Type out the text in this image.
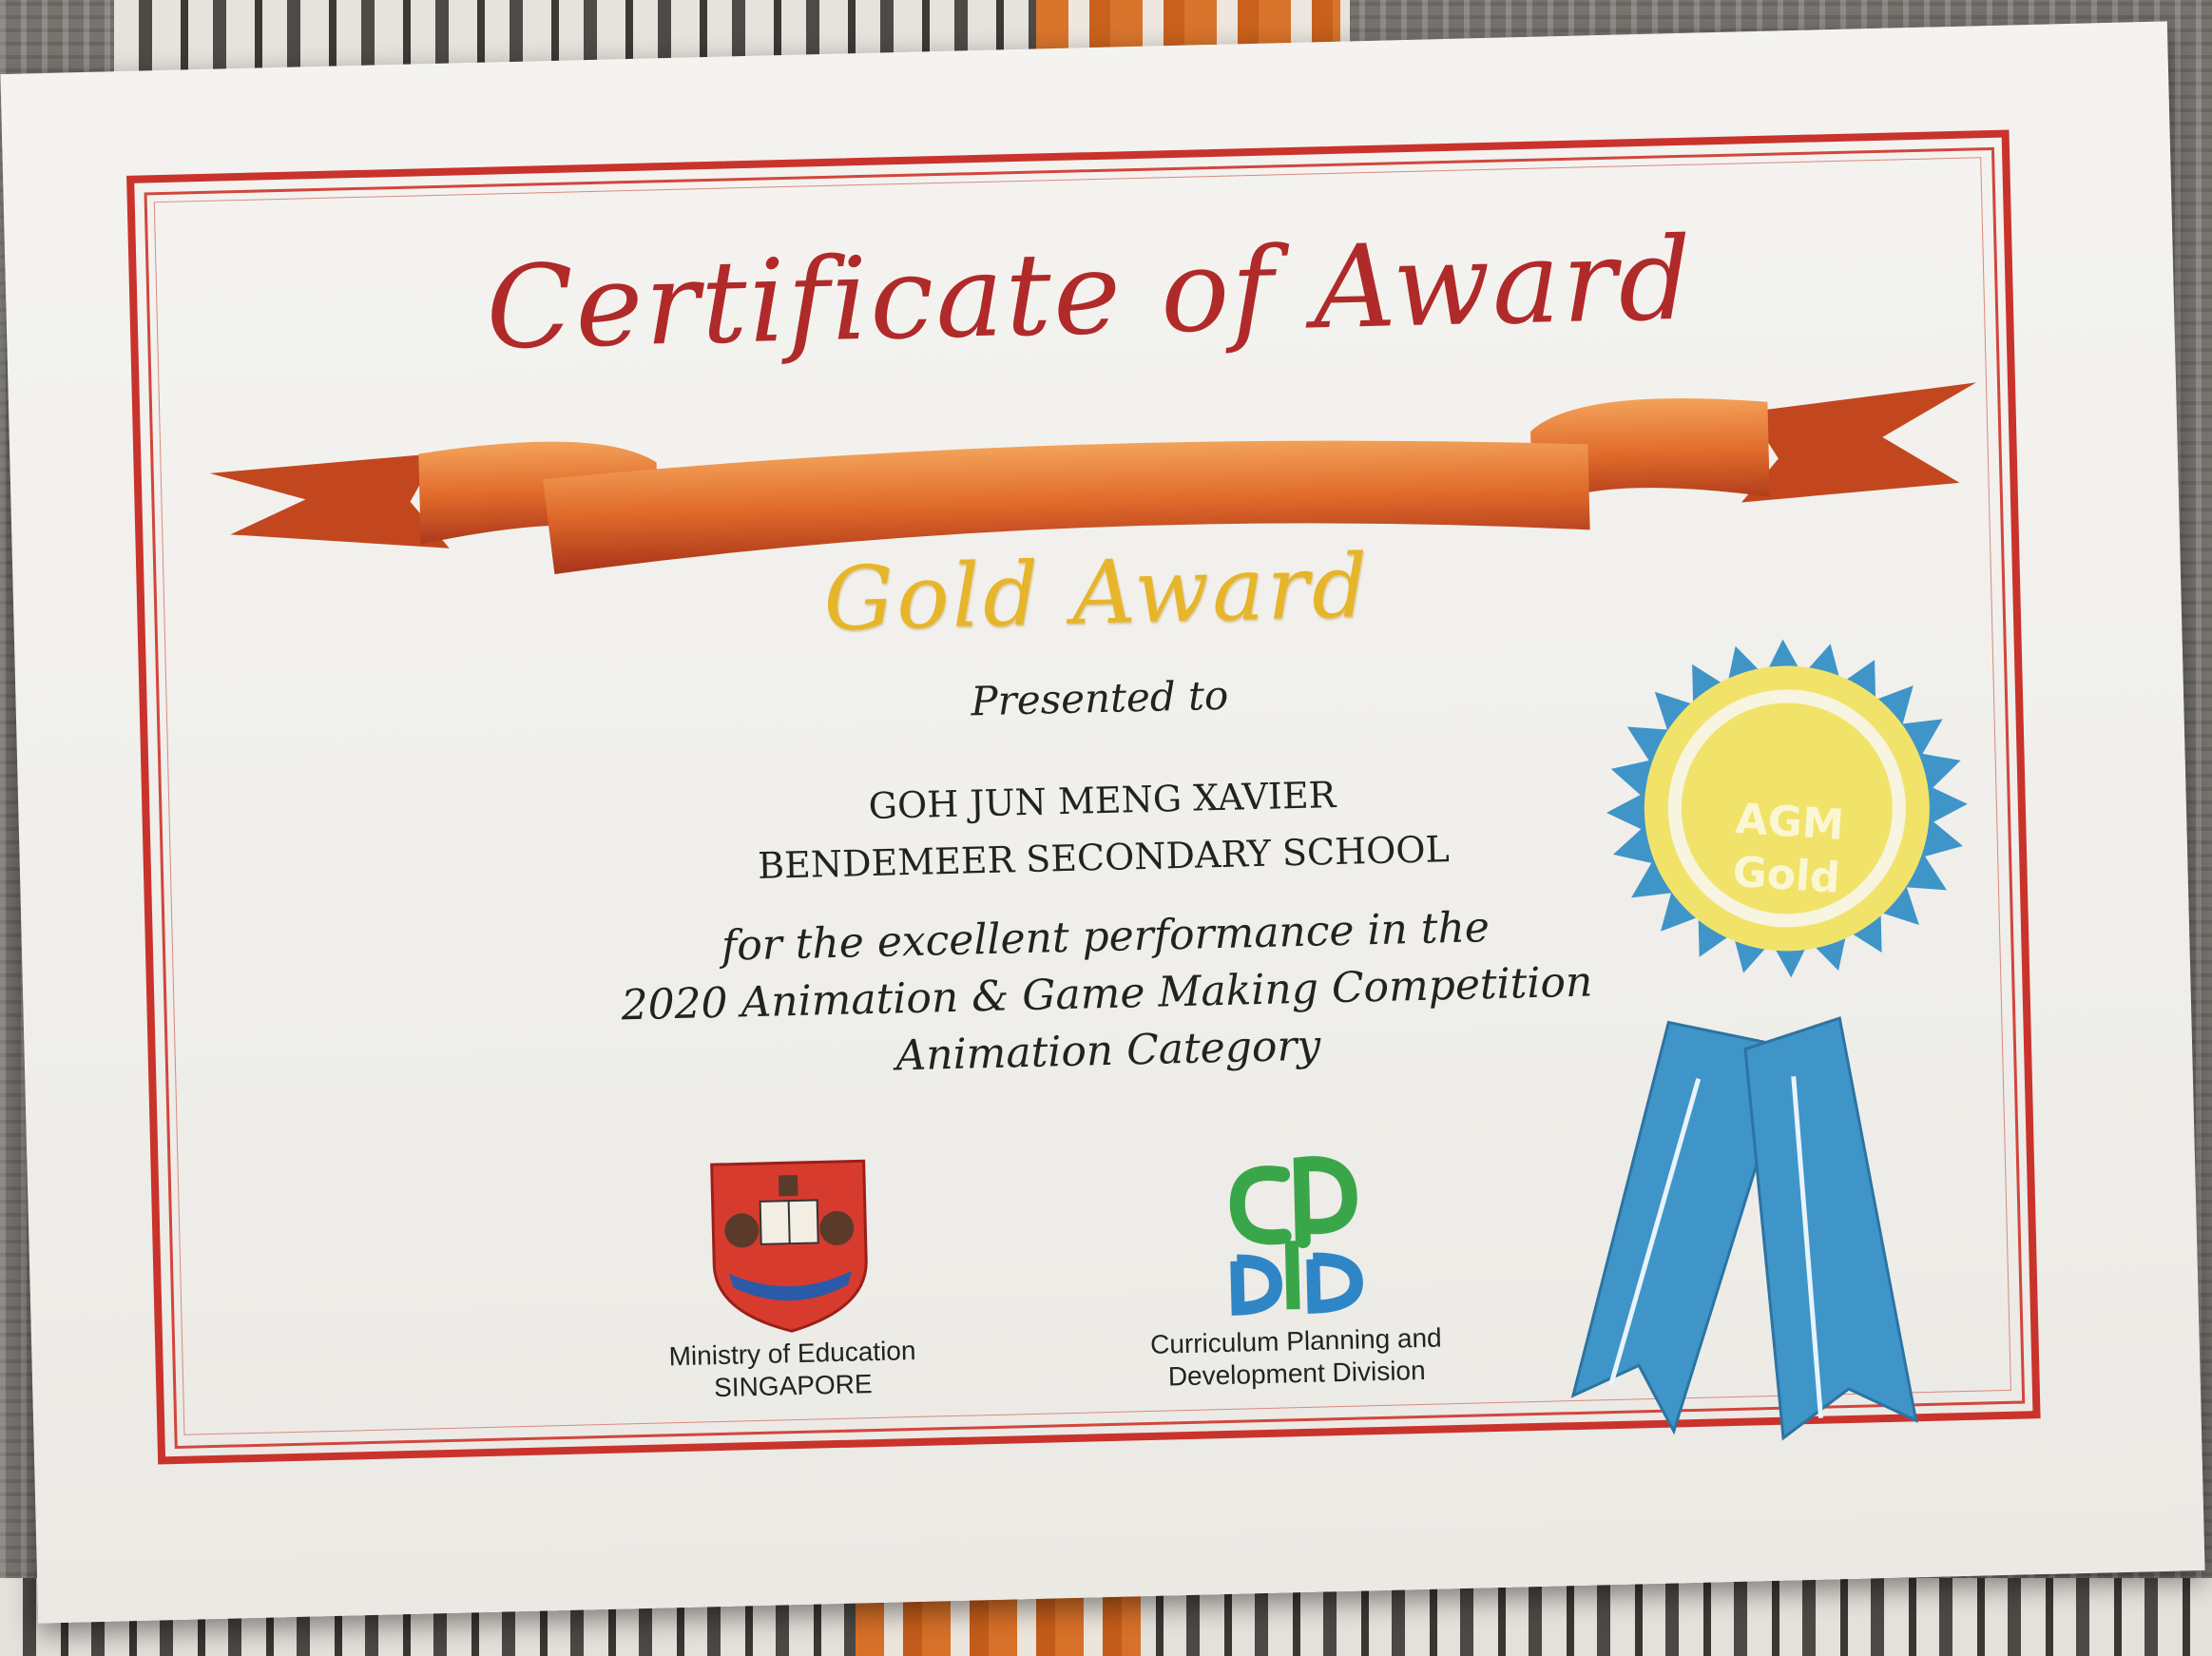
Certificate of Award
Gold Award
Presented to
GOH JUN MENG XAVIER
BENDEMEER SECONDARY SCHOOL
for the excellent performance in the
2020 Animation & Game Making Competition
Animation Category
Ministry of Education
SINGAPORE
Curriculum Planning and
Development Division
AGM
Gold
